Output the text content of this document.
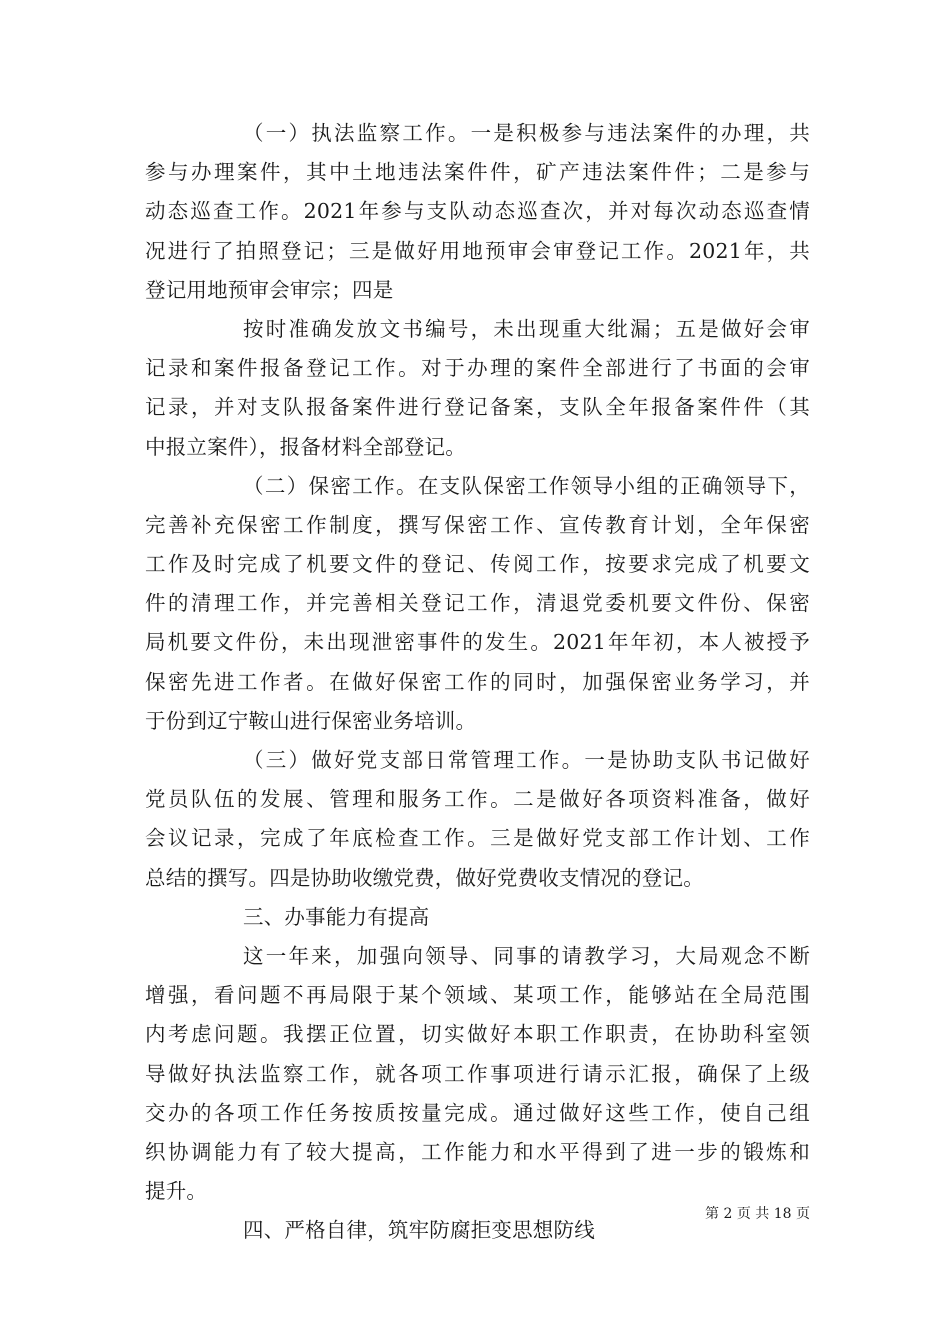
（一）执法监察工作。一是积极参与违法案件的办理，共
参与办理案件，其中土地违法案件件，矿产违法案件件；二是参与
动态巡查工作。2021年参与支队动态巡查次，并对每次动态巡查情
况进行了拍照登记；三是做好用地预审会审登记工作。2021年，共
登记用地预审会审宗；四是
按时准确发放文书编号，未出现重大纰漏；五是做好会审
记录和案件报备登记工作。对于办理的案件全部进行了书面的会审
记录，并对支队报备案件进行登记备案，支队全年报备案件件（其
中报立案件），报备材料全部登记。
（二）保密工作。在支队保密工作领导小组的正确领导下，
完善补充保密工作制度，撰写保密工作、宣传教育计划，全年保密
工作及时完成了机要文件的登记、传阅工作，按要求完成了机要文
件的清理工作，并完善相关登记工作，清退党委机要文件份、保密
局机要文件份，未出现泄密事件的发生。2021年年初，本人被授予
保密先进工作者。在做好保密工作的同时，加强保密业务学习，并
于份到辽宁鞍山进行保密业务培训。
（三）做好党支部日常管理工作。一是协助支队书记做好
党员队伍的发展、管理和服务工作。二是做好各项资料准备，做好
会议记录，完成了年底检查工作。三是做好党支部工作计划、工作
总结的撰写。四是协助收缴党费，做好党费收支情况的登记。
三、办事能力有提高
这一年来，加强向领导、同事的请教学习，大局观念不断
增强，看问题不再局限于某个领域、某项工作，能够站在全局范围
内考虑问题。我摆正位置，切实做好本职工作职责，在协助科室领
导做好执法监察工作，就各项工作事项进行请示汇报，确保了上级
交办的各项工作任务按质按量完成。通过做好这些工作，使自己组
织协调能力有了较大提高，工作能力和水平得到了进一步的锻炼和
提升。
四、严格自律，筑牢防腐拒变思想防线
第 2 页 共 18 页
